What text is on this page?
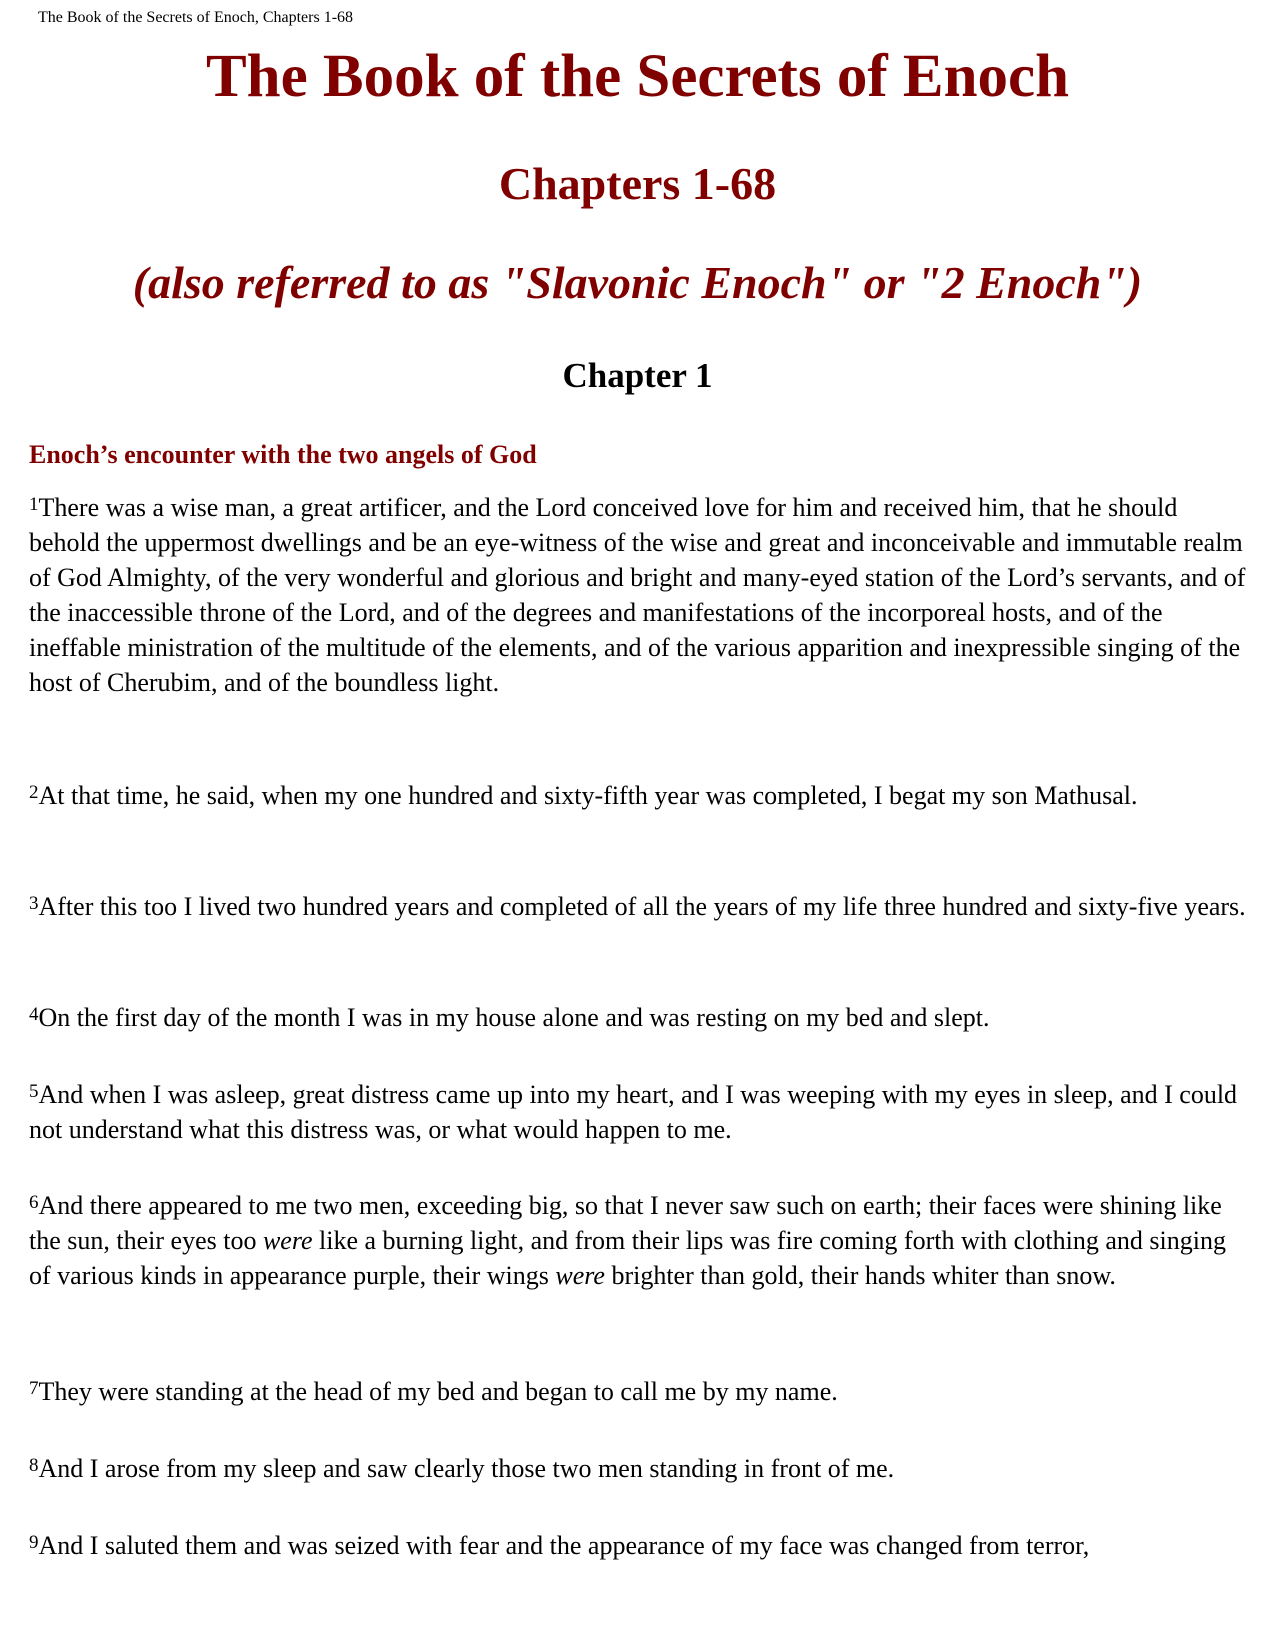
The Book of the Secrets of Enoch, Chapters 1-68
The Book of the Secrets of Enoch
Chapters 1-68
(also referred to as "Slavonic Enoch" or "2 Enoch")
Chapter 1
Enoch’s encounter with the two angels of God

$^1$There was a wise man, a great artificer, and the Lord conceived love for him and received him, that he should behold the uppermost dwellings and be an eye-witness of the wise and great and inconceivable and immutable realm of God Almighty, of the very wonderful and glorious and bright and many-eyed station of the Lord’s servants, and of the inaccessible throne of the Lord, and of the degrees and manifestations of the incorporeal hosts, and of the ineffable ministration of the multitude of the elements, and of the various apparition and inexpressible singing of the host of Cherubim, and of the boundless light.

$^2$At that time, he said, when my one hundred and sixty-fifth year was completed, I begat my son Mathusal.

$^3$After this too I lived two hundred years and completed of all the years of my life three hundred and sixty-five years.

$^4$On the first day of the month I was in my house alone and was resting on my bed and slept.

$^5$And when I was asleep, great distress came up into my heart, and I was weeping with my eyes in sleep, and I could not understand what this distress was, or what would happen to me.

$^6$And there appeared to me two men, exceeding big, so that I never saw such on earth; their faces were shining like the sun, their eyes too were like a burning light, and from their lips was fire coming forth with clothing and singing of various kinds in appearance purple, their wings were brighter than gold, their hands whiter than snow.

$^7$They were standing at the head of my bed and began to call me by my name.

$^8$And I arose from my sleep and saw clearly those two men standing in front of me.

$^9$And I saluted them and was seized with fear and the appearance of my face was changed from terror,
